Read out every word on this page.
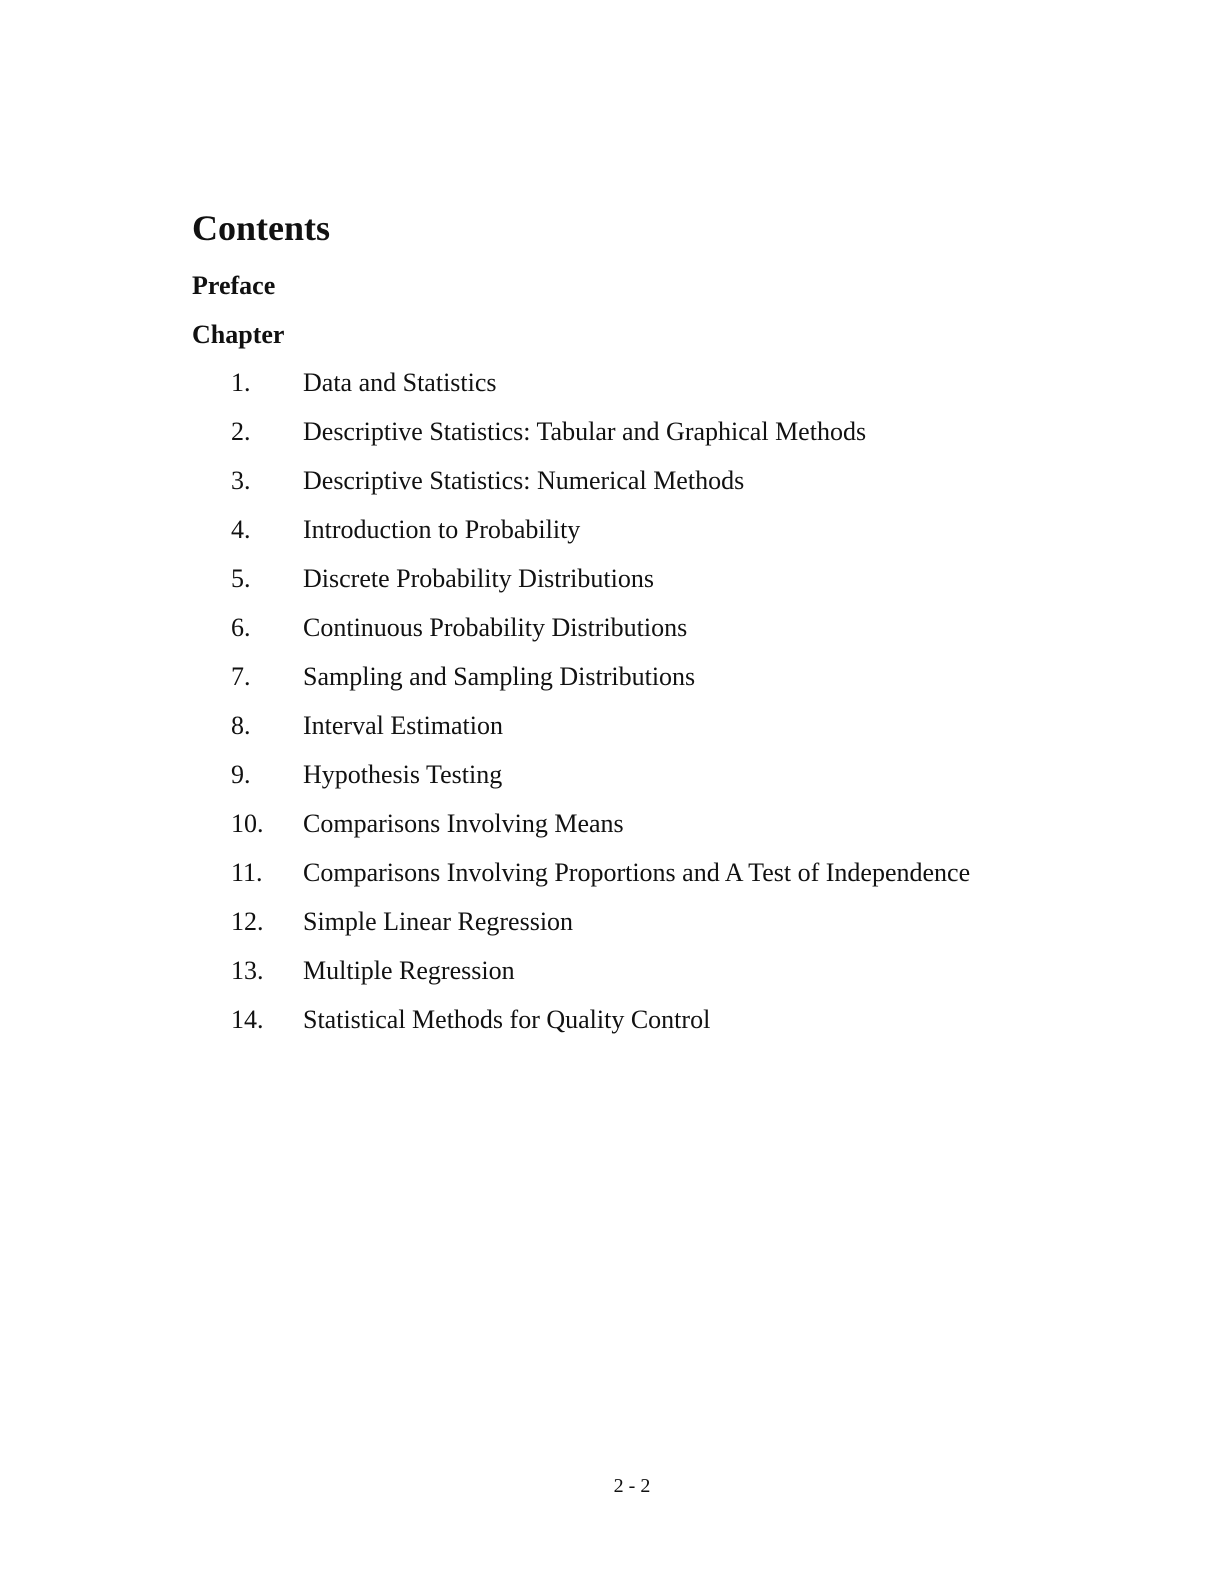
Contents
Preface
Chapter
1. Data and Statistics
2. Descriptive Statistics: Tabular and Graphical Methods
3. Descriptive Statistics: Numerical Methods
4. Introduction to Probability
5. Discrete Probability Distributions
6. Continuous Probability Distributions
7. Sampling and Sampling Distributions
8. Interval Estimation
9. Hypothesis Testing
10. Comparisons Involving Means
11. Comparisons Involving Proportions and A Test of Independence
12. Simple Linear Regression
13. Multiple Regression
14. Statistical Methods for Quality Control
2 - 2
